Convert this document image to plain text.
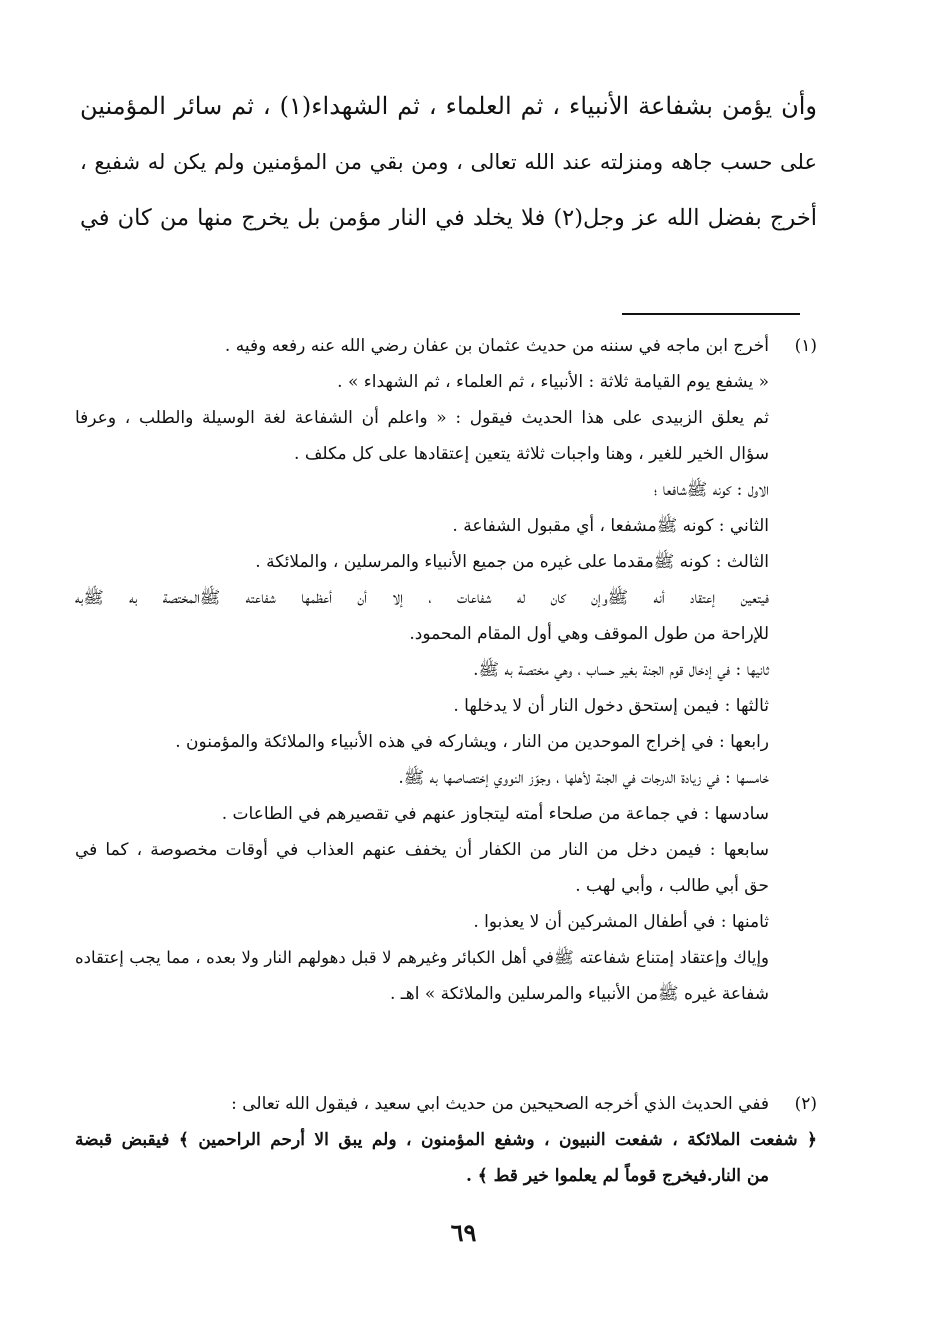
وأن يؤمن بشفاعة الأنبياء ، ثم العلماء ، ثم الشهداء(١) ، ثم سائر المؤمنين
على حسب جاهه ومنزلته عند الله تعالى ، ومن بقي من المؤمنين ولم يكن له شفيع ،
أخرج بفضل الله عز وجل(٢) فلا يخلد في النار مؤمن بل يخرج منها من كان في
(١)أخرج ابن ماجه في سننه من حديث عثمان بن عفان رضي الله عنه رفعه وفيه .
« يشفع يوم القيامة ثلاثة : الأنبياء ، ثم العلماء ، ثم الشهداء » .
ثم يعلق الزبيدى على هذا الحديث فيقول : « واعلم أن الشفاعة لغة الوسيلة والطلب ، وعرفا
سؤال الخير للغير ، وهنا واجبات ثلاثة يتعين إعتقادها على كل مكلف .
الاول : كونه ﷺشافعا ؛
الثاني : كونه ﷺمشفعا ، أي مقبول الشفاعة .
الثالث : كونه ﷺمقدما على غيره من جميع الأنبياء والمرسلين ، والملائكة .
فيتعين إعتقاد أنه ﷺوإن كان له شفاعات ، إلا أن أعظمها شفاعته ﷺالمختصة به ﷺبه
للإراحة من طول الموقف وهي أول المقام المحمود.
ثانيها : في إدخال قوم الجنة بغير حساب ، وهي مختصة به ﷺ.
ثالثها : فيمن إستحق دخول النار أن لا يدخلها .
رابعها : في إخراج الموحدين من النار ، ويشاركه في هذه الأنبياء والملائكة والمؤمنون .
خامسها : في زيادة الدرجات في الجنة لأهلها ، وجوّز النووي إختصاصها به ﷺ.
سادسها : في جماعة من صلحاء أمته ليتجاوز عنهم في تقصيرهم في الطاعات .
سابعها : فيمن دخل من النار من الكفار أن يخفف عنهم العذاب في أوقات مخصوصة ، كما في
حق أبي طالب ، وأبي لهب .
ثامنها : في أطفال المشركين أن لا يعذبوا .
وإياك وإعتقاد إمتناع شفاعته ﷺفي أهل الكبائر وغيرهم لا قبل دهولهم النار ولا بعده ، مما يجب إعتقاده
شفاعة غيره ﷺمن الأنبياء والمرسلين والملائكة » اهـ .
(٢)ففي الحديث الذي أخرجه الصحيحين من حديث ابي سعيد ، فيقول الله تعالى :
﴿ شفعت الملائكة ، شفعت النبيون ، وشفع المؤمنون ، ولم يبق الا أرحم الراحمين ﴾ فيقبض قبضة
من النار.فيخرج قوماً لم يعلموا خير قط ﴾ .
٦٩
